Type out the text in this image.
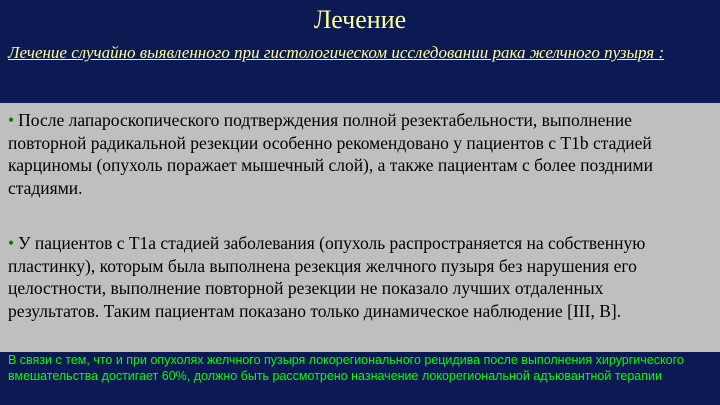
Лечение
Лечение случайно выявленного при гистологическом исследовании рака желчного пузыря :
• После лапароскопического подтверждения полной резектабельности, выполнение повторной радикальной резекции особенно рекомендовано у пациентов с T1b стадией карциномы (опухоль поражает мышечный слой), а также пациентам с более поздними стадиями.
• У пациентов с T1a стадией заболевания (опухоль распространяется на собственную пластинку), которым была выполнена резекция желчного пузыря без нарушения его целостности, выполнение повторной резекции не показало лучших отдаленных результатов. Таким пациентам показано только динамическое наблюдение [III, B].
В связи с тем, что и при опухолях желчного пузыря локорегионального рецидива после выполнения хирургического вмешательства достигает 60%, должно быть рассмотрено назначение локорегиональной адъювантной терапии
